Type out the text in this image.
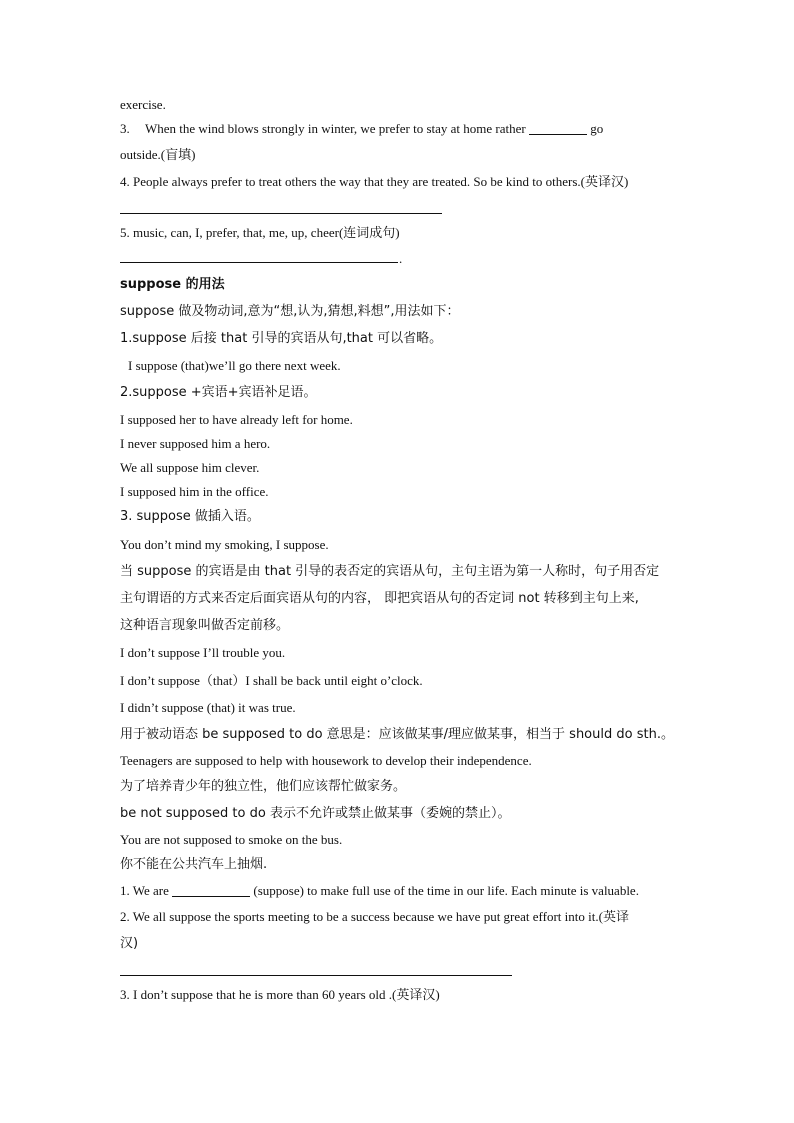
exercise.
3. When the wind blows strongly in winter, we prefer to stay at home rather	go
outside.(盲填)
4. People always prefer to treat others the way that they are treated. So be kind to others.(英译汉)
5. music, can, I, prefer, that, me, up, cheer(连词成句)
.
suppose 的用法
suppose 做及物动词,意为“想,认为,猜想,料想”,用法如下：
1.suppose 后接 that 引导的宾语从句,that 可以省略。
I suppose (that)we’ll go there next week.
2.suppose +宾语+宾语补足语。
I supposed her to have already left for home.
I never supposed him a hero.
We all suppose him clever.
I supposed him in the office.
3. suppose 做插入语。
You don’t mind my smoking, I suppose.
当 suppose 的宾语是由 that 引导的表否定的宾语从句，主句主语为第一人称时，句子用否定
主句谓语的方式来否定后面宾语从句的内容， 即把宾语从句的否定词 not 转移到主句上来,
这种语言现象叫做否定前移。
I don’t suppose I’ll trouble you.
I don’t suppose（that）I shall be back until eight o’clock.
I didn’t suppose (that) it was true.
用于被动语态 be supposed to do 意思是：应该做某事/理应做某事，相当于 should do sth.。
Teenagers are supposed to help with housework to develop their independence.
为了培养青少年的独立性，他们应该帮忙做家务。
be not supposed to do 表示不允许或禁止做某事（委婉的禁止）。
You are not supposed to smoke on the bus.
你不能在公共汽车上抽烟.
1. We are	(suppose) to make full use of the time in our life. Each minute is valuable.
2. We all suppose the sports meeting to be a success because we have put great effort into it.(英译
汉)
3. I don’t suppose that he is more than 60 years old .(英译汉)
